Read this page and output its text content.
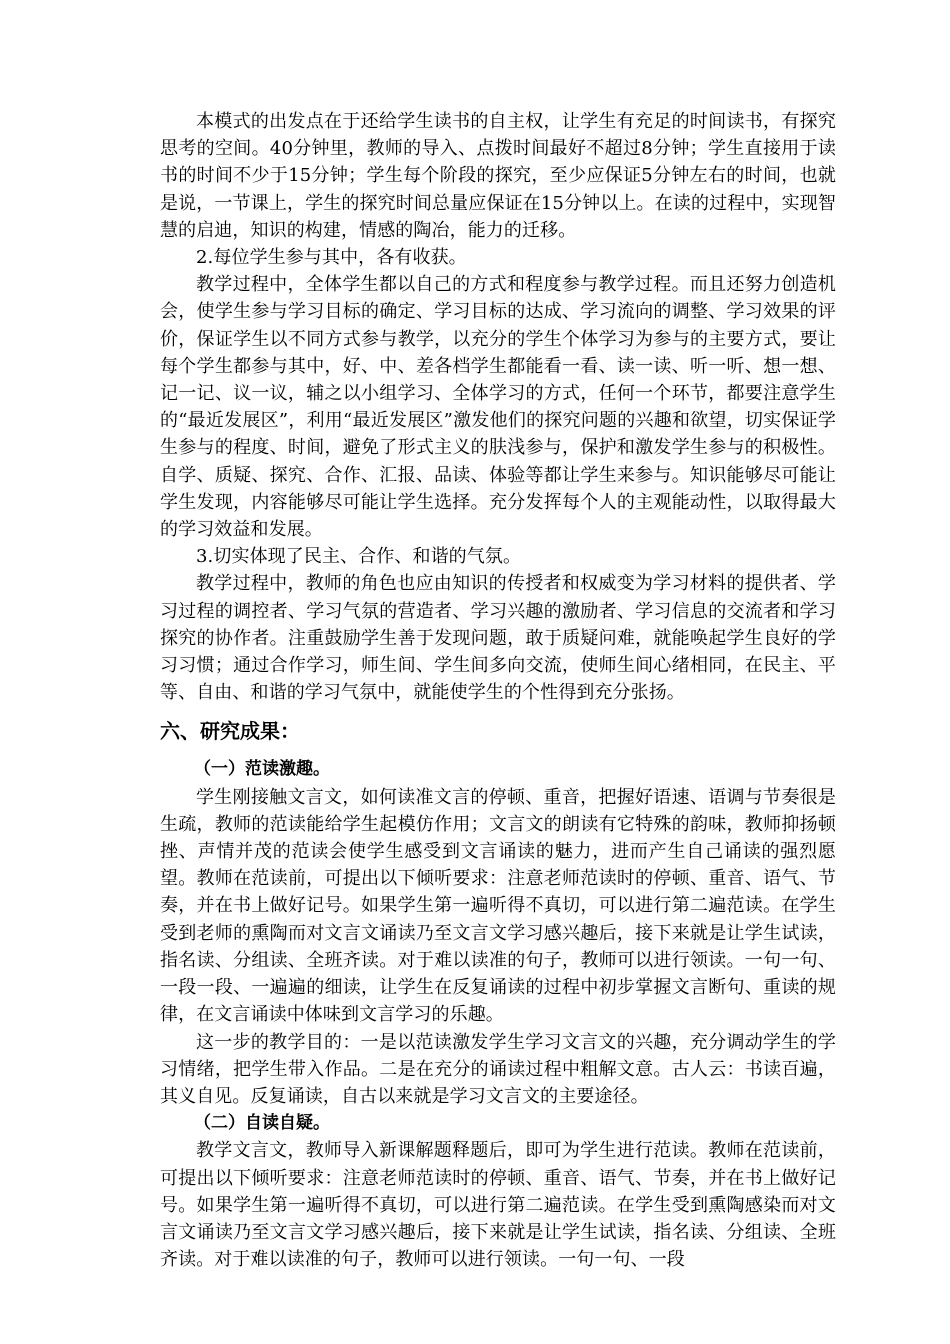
本模式的出发点在于还给学生读书的自主权，让学生有充足的时间读书，有探究思考的空间。40分钟里，教师的导入、点拨时间最好不超过8分钟；学生直接用于读书的时间不少于15分钟；学生每个阶段的探究，至少应保证5分钟左右的时间，也就是说，一节课上，学生的探究时间总量应保证在15分钟以上。在读的过程中，实现智慧的启迪，知识的构建，情感的陶冶，能力的迁移。

2.每位学生参与其中，各有收获。

教学过程中，全体学生都以自己的方式和程度参与教学过程。而且还努力创造机会，使学生参与学习目标的确定、学习目标的达成、学习流向的调整、学习效果的评价，保证学生以不同方式参与教学，以充分的学生个体学习为参与的主要方式，要让每个学生都参与其中，好、中、差各档学生都能看一看、读一读、听一听、想一想、记一记、议一议，辅之以小组学习、全体学习的方式，任何一个环节，都要注意学生的“最近发展区”，利用“最近发展区”激发他们的探究问题的兴趣和欲望，切实保证学生参与的程度、时间，避免了形式主义的肤浅参与，保护和激发学生参与的积极性。自学、质疑、探究、合作、汇报、品读、体验等都让学生来参与。知识能够尽可能让学生发现，内容能够尽可能让学生选择。充分发挥每个人的主观能动性，以取得最大的学习效益和发展。

3.切实体现了民主、合作、和谐的气氛。

教学过程中，教师的角色也应由知识的传授者和权威变为学习材料的提供者、学习过程的调控者、学习气氛的营造者、学习兴趣的激励者、学习信息的交流者和学习探究的协作者。注重鼓励学生善于发现问题，敢于质疑问难，就能唤起学生良好的学习习惯；通过合作学习，师生间、学生间多向交流，使师生间心绪相同，在民主、平等、自由、和谐的学习气氛中，就能使学生的个性得到充分张扬。

六、研究成果：
（一）范读激趣。

学生刚接触文言文，如何读准文言的停顿、重音，把握好语速、语调与节奏很是生疏，教师的范读能给学生起模仿作用；文言文的朗读有它特殊的韵味，教师抑扬顿挫、声情并茂的范读会使学生感受到文言诵读的魅力，进而产生自己诵读的强烈愿望。教师在范读前，可提出以下倾听要求：注意老师范读时的停顿、重音、语气、节奏，并在书上做好记号。如果学生第一遍听得不真切，可以进行第二遍范读。在学生受到老师的熏陶而对文言文诵读乃至文言文学习感兴趣后，接下来就是让学生试读，指名读、分组读、全班齐读。对于难以读准的句子，教师可以进行领读。一句一句、一段一段、一遍遍的细读，让学生在反复诵读的过程中初步掌握文言断句、重读的规律，在文言诵读中体味到文言学习的乐趣。

这一步的教学目的：一是以范读激发学生学习文言文的兴趣，充分调动学生的学习情绪，把学生带入作品。二是在充分的诵读过程中粗解文意。古人云：书读百遍，其义自见。反复诵读，自古以来就是学习文言文的主要途径。

（二）自读自疑。

教学文言文，教师导入新课解题释题后，即可为学生进行范读。教师在范读前，可提出以下倾听要求：注意老师范读时的停顿、重音、语气、节奏，并在书上做好记号。如果学生第一遍听得不真切，可以进行第二遍范读。在学生受到熏陶感染而对文言文诵读乃至文言文学习感兴趣后，接下来就是让学生试读，指名读、分组读、全班齐读。对于难以读准的句子，教师可以进行领读。一句一句、一段
